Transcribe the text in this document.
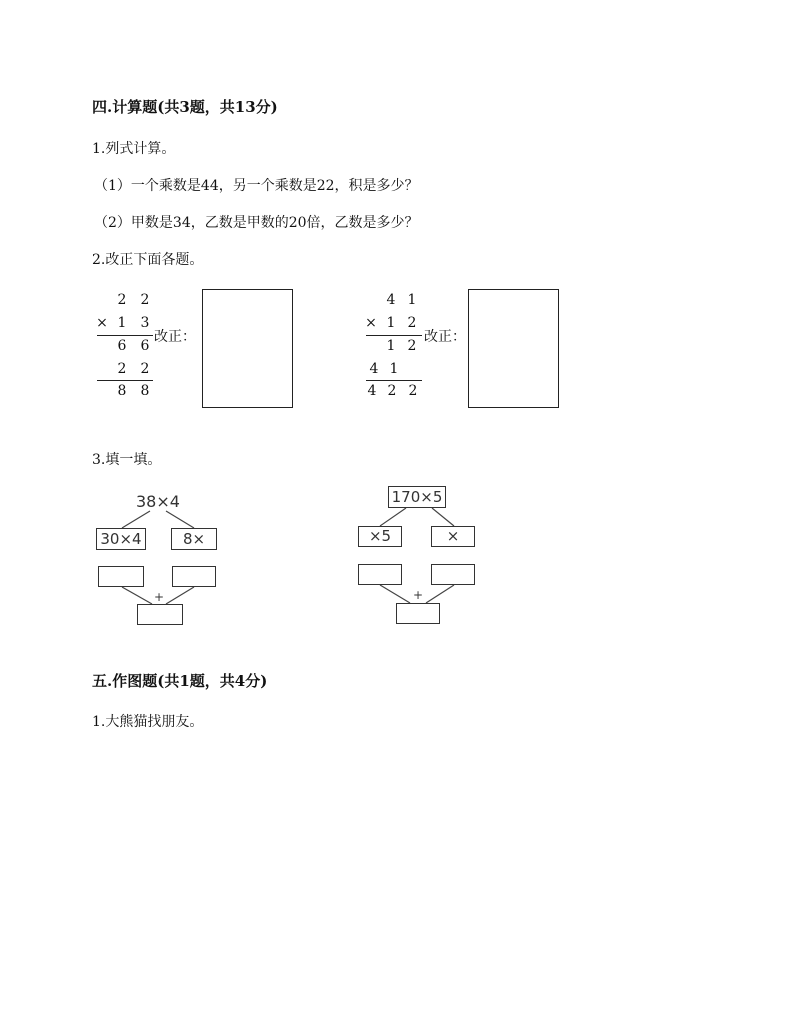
四.计算题(共3题，共13分)
1.列式计算。
（1）一个乘数是44，另一个乘数是22，积是多少？
（2）甲数是34，乙数是甲数的20倍，乙数是多少？
2.改正下面各题。
2 2
× 1 3
6 6
2 2
8 8
改正：
4 1
× 1 2
1 2
4 1
4 2 2
改正：
3.填一填。
38×4
30×4	8×
+
170×5
×5	×
+
五.作图题(共1题，共4分)
1.大熊猫找朋友。
